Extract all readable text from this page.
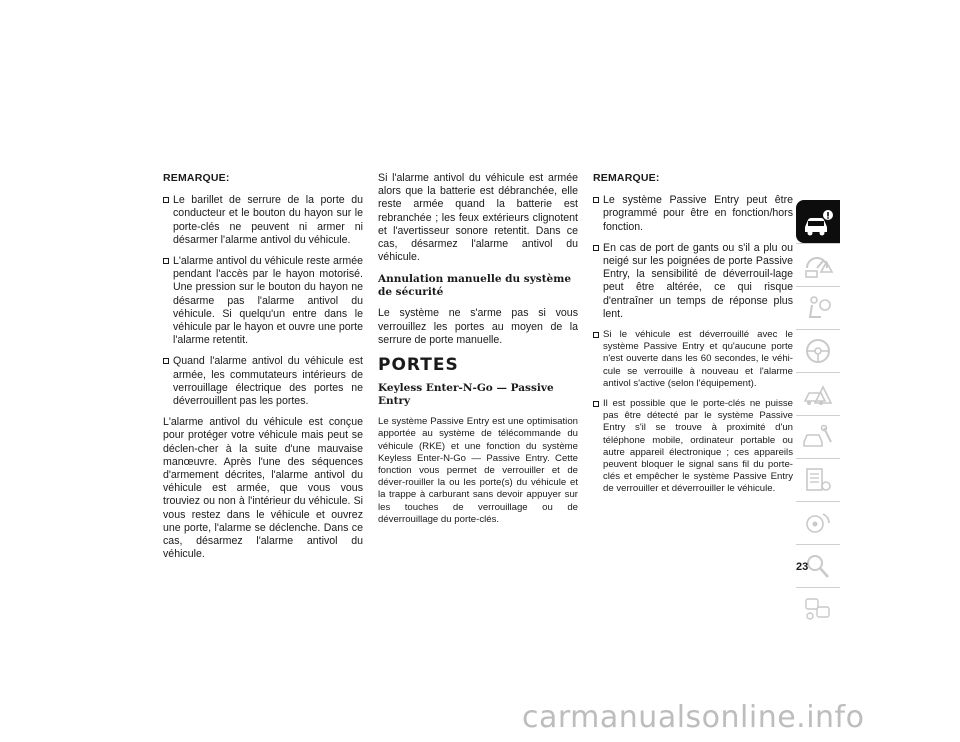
REMARQUE:
Le barillet de serrure de la porte du conducteur et le bouton du hayon sur le porte-clés ne peuvent ni armer ni désarmer l'alarme antivol du véhicule.
L'alarme antivol du véhicule reste armée pendant l'accès par le hayon motorisé. Une pression sur le bouton du hayon ne désarme pas l'alarme antivol du véhicule. Si quelqu'un entre dans le véhicule par le hayon et ouvre une porte l'alarme retentit.
Quand l'alarme antivol du véhicule est armée, les commutateurs intérieurs de verrouillage électrique des portes ne déverrouillent pas les portes.

L'alarme antivol du véhicule est conçue pour protéger votre véhicule mais peut se déclen-cher à la suite d'une mauvaise manœuvre. Après l'une des séquences d'armement décrites, l'alarme antivol du véhicule est armée, que vous vous trouviez ou non à l'intérieur du véhicule. Si vous restez dans le véhicule et ouvrez une porte, l'alarme se déclenche. Dans ce cas, désarmez l'alarme antivol du véhicule.

Si l'alarme antivol du véhicule est armée alors que la batterie est débranchée, elle reste armée quand la batterie est rebranchée ; les feux extérieurs clignotent et l'avertisseur sonore retentit. Dans ce cas, désarmez l'alarme antivol du véhicule.

Annulation manuelle du système de sécurité

Le système ne s'arme pas si vous verrouillez les portes au moyen de la serrure de porte manuelle.

PORTES
Keyless Enter-N-Go — Passive Entry

Le système Passive Entry est une optimisation apportée au système de télécommande du véhicule (RKE) et une fonction du système Keyless Enter-N-Go — Passive Entry. Cette fonction vous permet de verrouiller et de déver-rouiller la ou les porte(s) du véhicule et la trappe à carburant sans devoir appuyer sur les touches de verrouillage ou de déverrouillage du porte-clés.

REMARQUE:
Le système Passive Entry peut être programmé pour être en fonction/hors fonction.
En cas de port de gants ou s'il a plu ou neigé sur les poignées de porte Passive Entry, la sensibilité de déverrouil-lage peut être altérée, ce qui risque d'entraîner un temps de réponse plus lent.
Si le véhicule est déverrouillé avec le système Passive Entry et qu'aucune porte n'est ouverte dans les 60 secondes, le véhi-cule se verrouille à nouveau et l'alarme antivol s'active (selon l'équipement).
Il est possible que le porte-clés ne puisse pas être détecté par le système Passive Entry s'il se trouve à proximité d'un téléphone mobile, ordinateur portable ou autre appareil électronique ; ces appareils peuvent bloquer le signal sans fil du porte-clés et empêcher le système Passive Entry de verrouiller et déverrouiller le véhicule.
23
carmanualsonline.info
